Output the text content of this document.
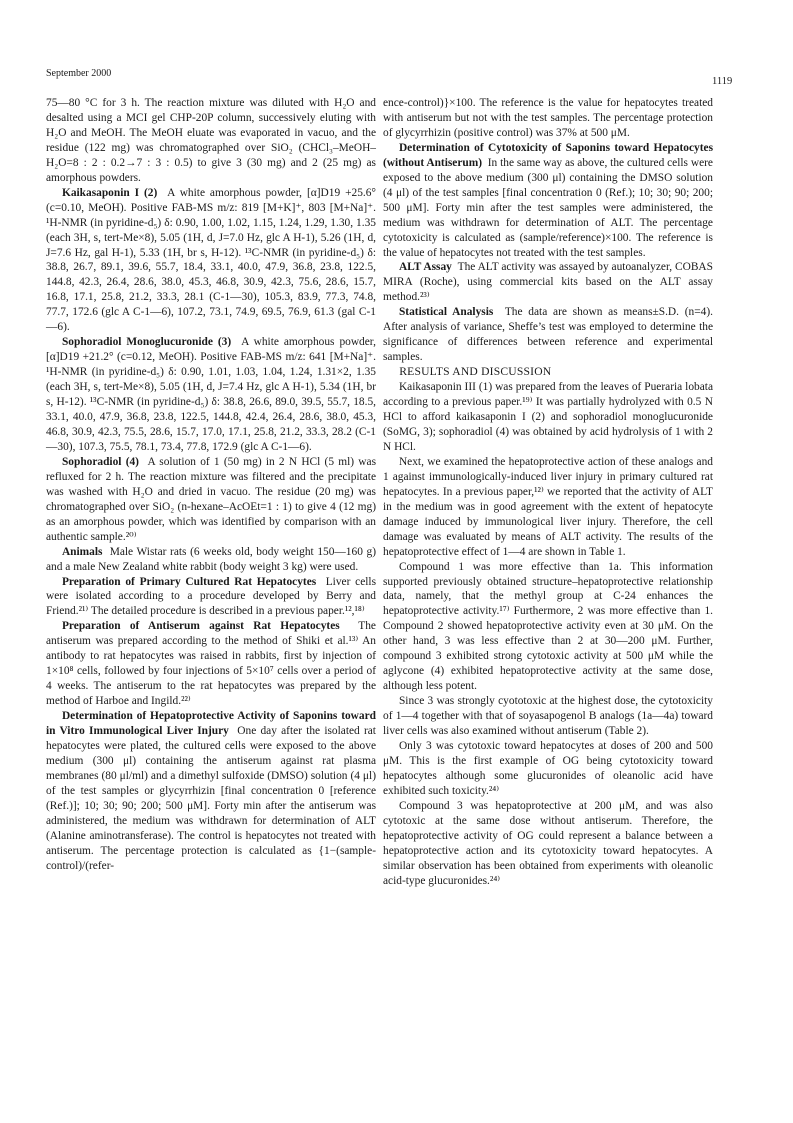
September 2000
1119

75—80 °C for 3 h. The reaction mixture was diluted with H₂O and desalted using a MCI gel CHP-20P column, successively eluting with H₂O and MeOH. The MeOH eluate was evaporated in vacuo, and the residue (122 mg) was chromatographed over SiO₂ (CHCl₃–MeOH–H₂O=8 : 2 : 0.2→7 : 3 : 0.5) to give 3 (30 mg) and 2 (25 mg) as amorphous powders.

Kaikasaponin I (2) A white amorphous powder, [α]D19 +25.6° (c=0.10, MeOH). Positive FAB-MS m/z: 819 [M+K]⁺, 803 [M+Na]⁺. ¹H-NMR (in pyridine-d₅) δ: 0.90, 1.00, 1.02, 1.15, 1.24, 1.29, 1.30, 1.35 (each 3H, s, tert-Me×8), 5.05 (1H, d, J=7.0 Hz, glc A H-1), 5.26 (1H, d, J=7.6 Hz, gal H-1), 5.33 (1H, br s, H-12). ¹³C-NMR (in pyridine-d₅) δ: 38.8, 26.7, 89.1, 39.6, 55.7, 18.4, 33.1, 40.0, 47.9, 36.8, 23.8, 122.5, 144.8, 42.3, 26.4, 28.6, 38.0, 45.3, 46.8, 30.9, 42.3, 75.6, 28.6, 15.7, 16.8, 17.1, 25.8, 21.2, 33.3, 28.1 (C-1—30), 105.3, 83.9, 77.3, 74.8, 77.7, 172.6 (glc A C-1—6), 107.2, 73.1, 74.9, 69.5, 76.9, 61.3 (gal C-1—6).

Sophoradiol Monoglucuronide (3) A white amorphous powder, [α]D19 +21.2° (c=0.12, MeOH). Positive FAB-MS m/z: 641 [M+Na]⁺. ¹H-NMR (in pyridine-d₅) δ: 0.90, 1.01, 1.03, 1.04, 1.24, 1.31×2, 1.35 (each 3H, s, tert-Me×8), 5.05 (1H, d, J=7.4 Hz, glc A H-1), 5.34 (1H, br s, H-12). ¹³C-NMR (in pyridine-d₅) δ: 38.8, 26.6, 89.0, 39.5, 55.7, 18.5, 33.1, 40.0, 47.9, 36.8, 23.8, 122.5, 144.8, 42.4, 26.4, 28.6, 38.0, 45.3, 46.8, 30.9, 42.3, 75.5, 28.6, 15.7, 17.0, 17.1, 25.8, 21.2, 33.3, 28.2 (C-1—30), 107.3, 75.5, 78.1, 73.4, 77.8, 172.9 (glc A C-1—6).

Sophoradiol (4) A solution of 1 (50 mg) in 2 N HCl (5 ml) was refluxed for 2 h. The reaction mixture was filtered and the precipitate was washed with H₂O and dried in vacuo. The residue (20 mg) was chromatographed over SiO₂ (n-hexane–AcOEt=1 : 1) to give 4 (12 mg) as an amorphous powder, which was identified by comparison with an authentic sample.²⁰⁾

Animals Male Wistar rats (6 weeks old, body weight 150—160 g) and a male New Zealand white rabbit (body weight 3 kg) were used.

Preparation of Primary Cultured Rat Hepatocytes Liver cells were isolated according to a procedure developed by Berry and Friend.²¹⁾ The detailed procedure is described in a previous paper.¹²,¹⁸⁾

Preparation of Antiserum against Rat Hepatocytes The antiserum was prepared according to the method of Shiki et al.¹³⁾ An antibody to rat hepatocytes was raised in rabbits, first by injection of 1×10⁸ cells, followed by four injections of 5×10⁷ cells over a period of 4 weeks. The antiserum to the rat hepatocytes was prepared by the method of Harboe and Ingild.²²⁾

Determination of Hepatoprotective Activity of Saponins toward in Vitro Immunological Liver Injury One day after the isolated rat hepatocytes were plated, the cultured cells were exposed to the above medium (300 μl) containing the antiserum against rat plasma membranes (80 μl/ml) and a dimethyl sulfoxide (DMSO) solution (4 μl) of the test samples or glycyrrhizin [final concentration 0 [reference (Ref.)]; 10; 30; 90; 200; 500 μM]. Forty min after the antiserum was administered, the medium was withdrawn for determination of ALT (Alanine aminotransferase). The control is hepatocytes not treated with antiserum. The percentage protection is calculated as {1−(sample-control)/(refer-

ence-control)}×100. The reference is the value for hepatocytes treated with antiserum but not with the test samples. The percentage protection of glycyrrhizin (positive control) was 37% at 500 μM.

Determination of Cytotoxicity of Saponins toward Hepatocytes (without Antiserum) In the same way as above, the cultured cells were exposed to the above medium (300 μl) containing the DMSO solution (4 μl) of the test samples [final concentration 0 (Ref.); 10; 30; 90; 200; 500 μM]. Forty min after the test samples were administered, the medium was withdrawn for determination of ALT. The percentage cytotoxicity is calculated as (sample/reference)×100. The reference is the value of hepatocytes not treated with the test samples.

ALT Assay The ALT activity was assayed by autoanalyzer, COBAS MIRA (Roche), using commercial kits based on the ALT assay method.²³⁾

Statistical Analysis The data are shown as means±S.D. (n=4). After analysis of variance, Sheffe’s test was employed to determine the significance of differences between reference and experimental samples.

RESULTS AND DISCUSSION

Kaikasaponin III (1) was prepared from the leaves of Pueraria lobata according to a previous paper.¹⁹⁾ It was partially hydrolyzed with 0.5 N HCl to afford kaikasaponin I (2) and sophoradiol monoglucuronide (SoMG, 3); sophoradiol (4) was obtained by acid hydrolysis of 1 with 2 N HCl.

Next, we examined the hepatoprotective action of these analogs and 1 against immunologically-induced liver injury in primary cultured rat hepatocytes. In a previous paper,¹²⁾ we reported that the activity of ALT in the medium was in good agreement with the extent of hepatocyte damage induced by immunological liver injury. Therefore, the cell damage was evaluated by means of ALT activity. The results of the hepatoprotective effect of 1—4 are shown in Table 1.

Compound 1 was more effective than 1a. This information supported previously obtained structure–hepatoprotective relationship data, namely, that the methyl group at C-24 enhances the hepatoprotective activity.¹⁷⁾ Furthermore, 2 was more effective than 1. Compound 2 showed hepatoprotective activity even at 30 μM. On the other hand, 3 was less effective than 2 at 30—200 μM. Further, compound 3 exhibited strong cytotoxic activity at 500 μM while the aglycone (4) exhibited hepatoprotective activity at the same dose, although less potent.

Since 3 was strongly cyototoxic at the highest dose, the cytotoxicity of 1—4 together with that of soyasapogenol B analogs (1a—4a) toward liver cells was also examined without antiserum (Table 2).

Only 3 was cytotoxic toward hepatocytes at doses of 200 and 500 μM. This is the first example of OG being cytotoxicity toward hepatocytes although some glucuronides of oleanolic acid have exhibited such toxicity.²⁴⁾

Compound 3 was hepatoprotective at 200 μM, and was also cytotoxic at the same dose without antiserum. Therefore, the hepatoprotective activity of OG could represent a balance between a hepatoprotective action and its cytotoxicity toward hepatocytes. A similar observation has been obtained from experiments with oleanolic acid-type glucuronides.²⁴⁾
